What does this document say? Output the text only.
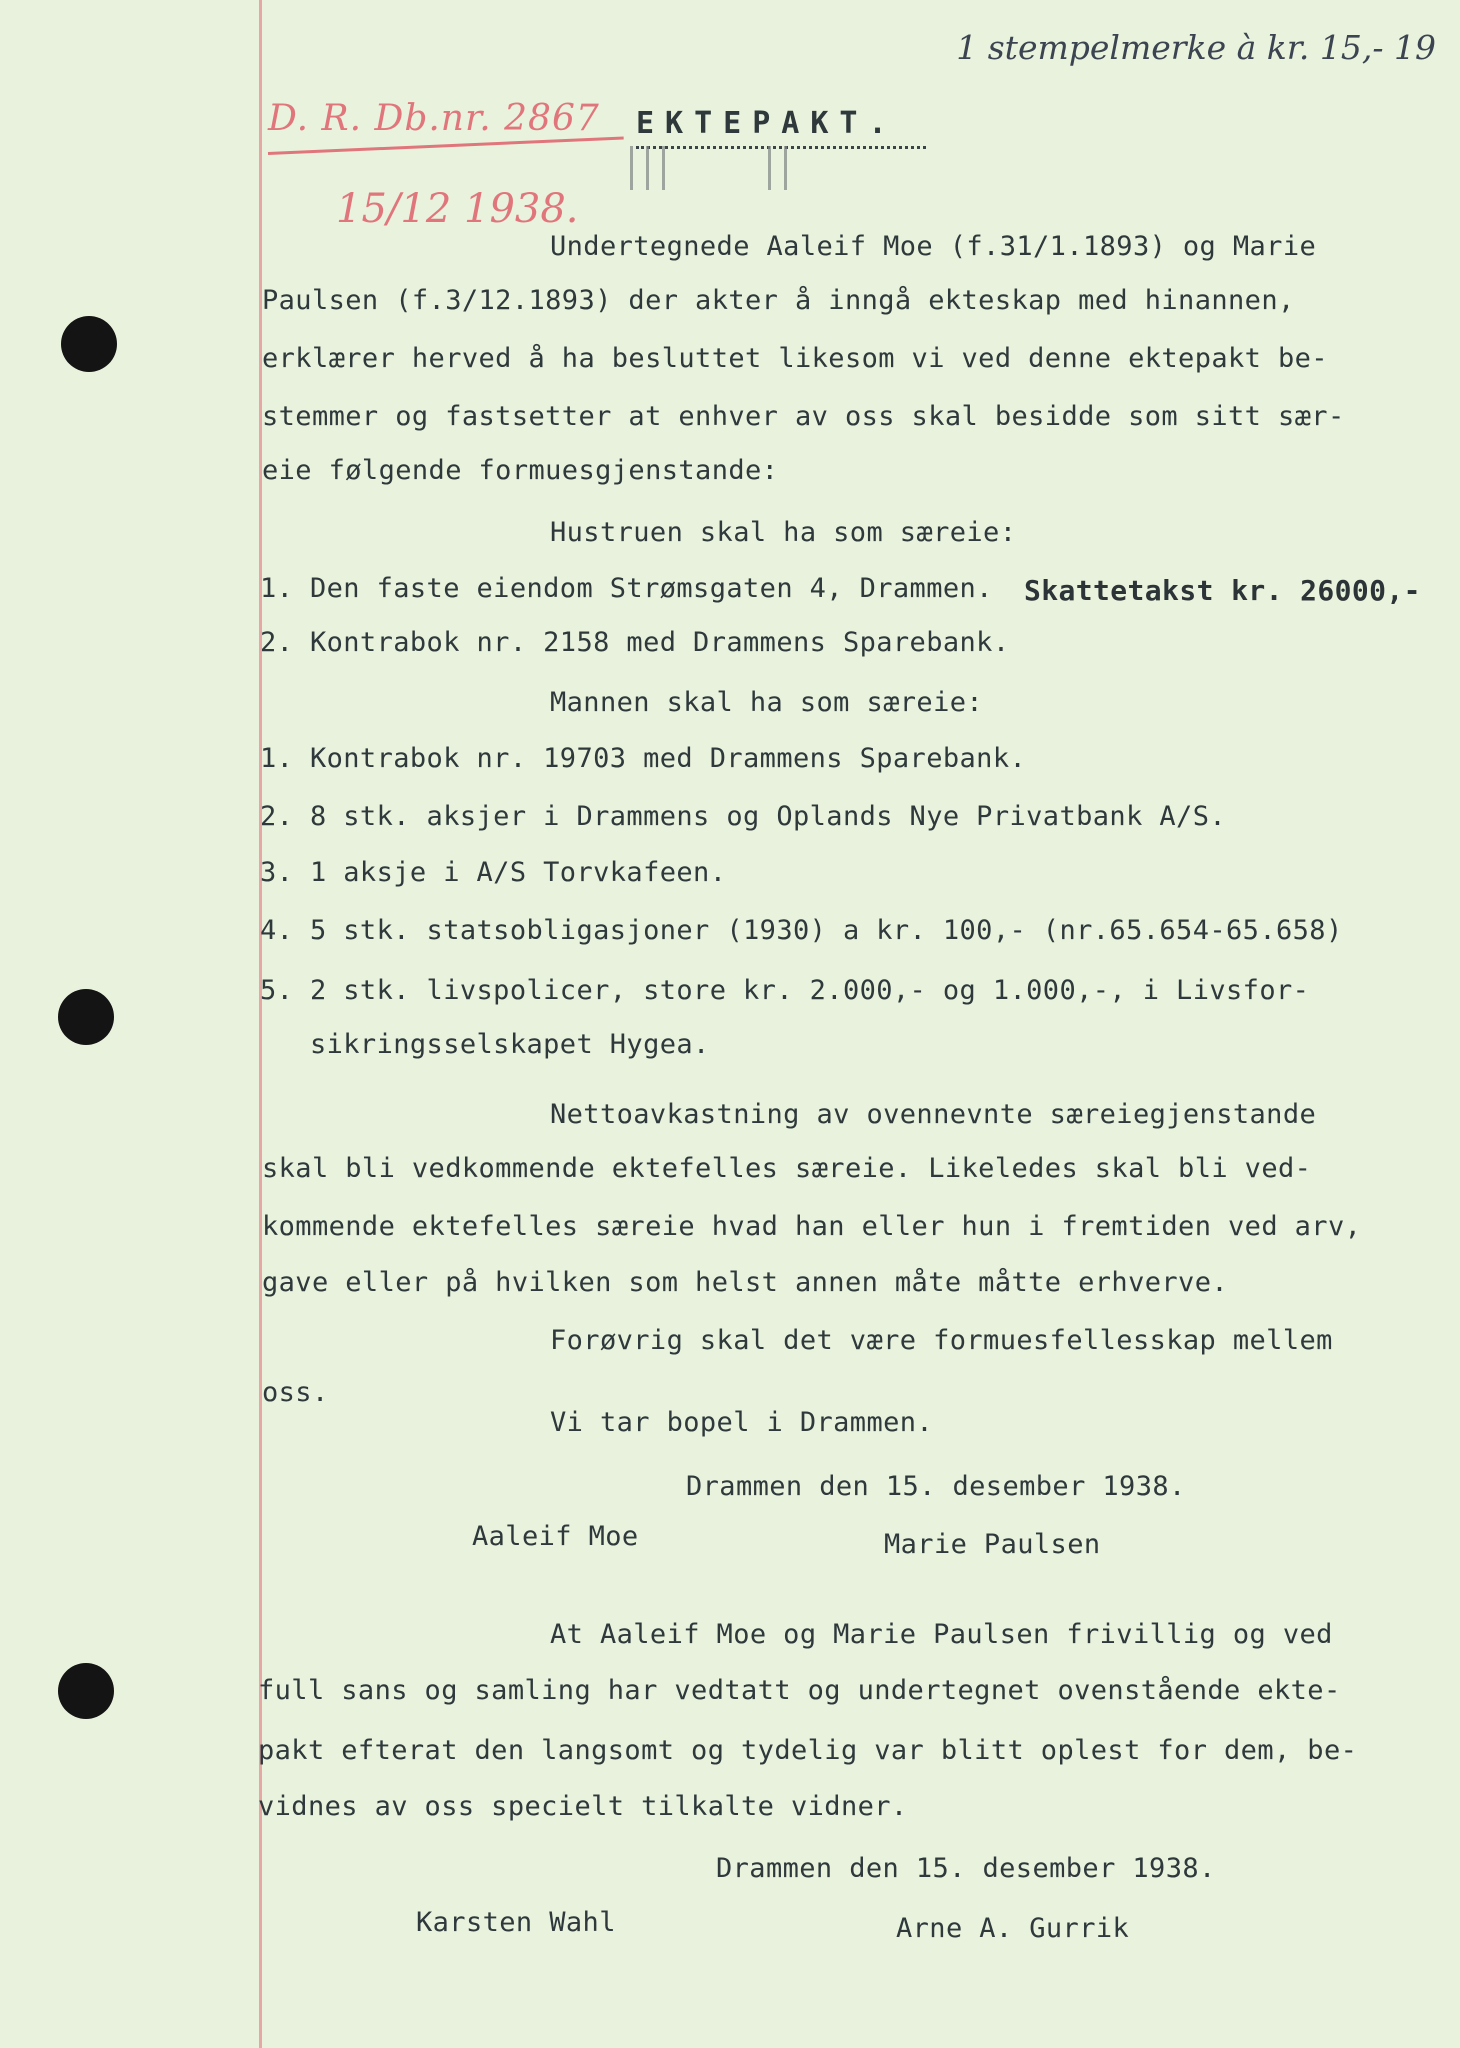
1 stempelmerke à kr. 15,- 19
D. R. Db.nr. 2867 EKTEPAKT.
15/12 1938.
Undertegnede Aaleif Moe (f.31/1.1893) og Marie
Paulsen (f.3/12.1893) der akter å inngå ekteskap med hinannen,
erklærer herved å ha besluttet likesom vi ved denne ektepakt be-
stemmer og fastsetter at enhver av oss skal besidde som sitt sær-
eie følgende formuesgjenstande:
Hustruen skal ha som særeie:
1. Den faste eiendom Strømsgaten 4, Drammen. Skattetakst kr. 26000,-
2. Kontrabok nr. 2158 med Drammens Sparebank.
Mannen skal ha som særeie:
1. Kontrabok nr. 19703 med Drammens Sparebank.
2. 8 stk. aksjer i Drammens og Oplands Nye Privatbank A/S.
3. 1 aksje i A/S Torvkafeen.
4. 5 stk. statsobligasjoner (1930) a kr. 100,- (nr.65.654-65.658)
5. 2 stk. livspolicer, store kr. 2.000,- og 1.000,-, i Livsfor-
sikringsselskapet Hygea.
Nettoavkastning av ovennevnte særeiegjenstande
skal bli vedkommende ektefelles særeie. Likeledes skal bli ved-
kommende ektefelles særeie hvad han eller hun i fremtiden ved arv,
gave eller på hvilken som helst annen måte måtte erhverve.
Forøvrig skal det være formuesfellesskap mellem
oss.
Vi tar bopel i Drammen.
Drammen den 15. desember 1938.
Aaleif Moe	Marie Paulsen
At Aaleif Moe og Marie Paulsen frivillig og ved
full sans og samling har vedtatt og undertegnet ovenstående ekte-
pakt efterat den langsomt og tydelig var blitt oplest for dem, be-
vidnes av oss specielt tilkalte vidner.
Drammen den 15. desember 1938.
Karsten Wahl	Arne A. Gurrik
